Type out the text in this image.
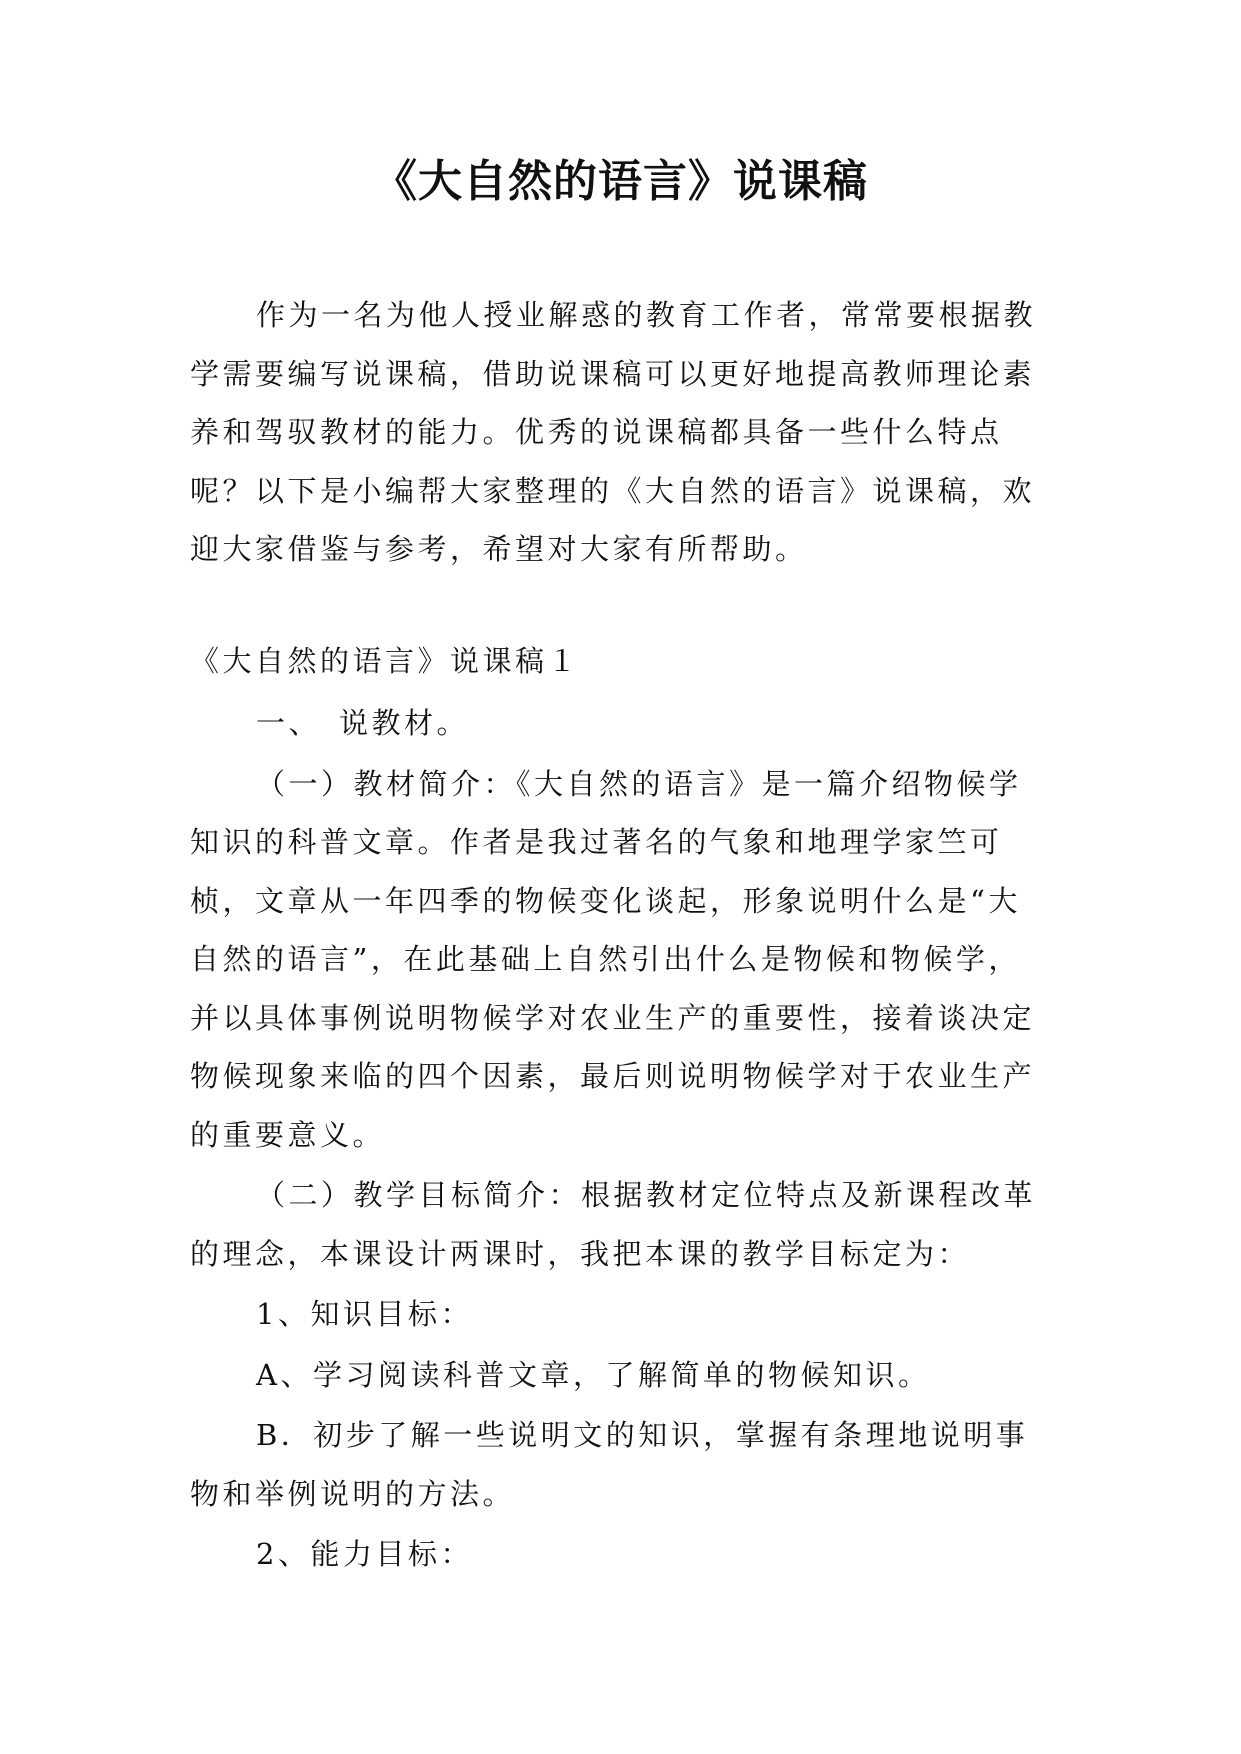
《大自然的语言》说课稿

作为一名为他人授业解惑的教育工作者，常常要根据教学需要编写说课稿，借助说课稿可以更好地提高教师理论素养和驾驭教材的能力。优秀的说课稿都具备一些什么特点呢？以下是小编帮大家整理的《大自然的语言》说课稿，欢迎大家借鉴与参考，希望对大家有所帮助。

《大自然的语言》说课稿１

一、　说教材。

（一）教材简介：《大自然的语言》是一篇介绍物候学知识的科普文章。作者是我过著名的气象和地理学家竺可桢，文章从一年四季的物候变化谈起，形象说明什么是“大自然的语言”，在此基础上自然引出什么是物候和物候学，并以具体事例说明物候学对农业生产的重要性，接着谈决定物候现象来临的四个因素，最后则说明物候学对于农业生产的重要意义。

（二）教学目标简介：根据教材定位特点及新课程改革的理念，本课设计两课时，我把本课的教学目标定为：

1、知识目标：

A、学习阅读科普文章，了解简单的物候知识。

B．初步了解一些说明文的知识，掌握有条理地说明事物和举例说明的方法。

2、能力目标：
